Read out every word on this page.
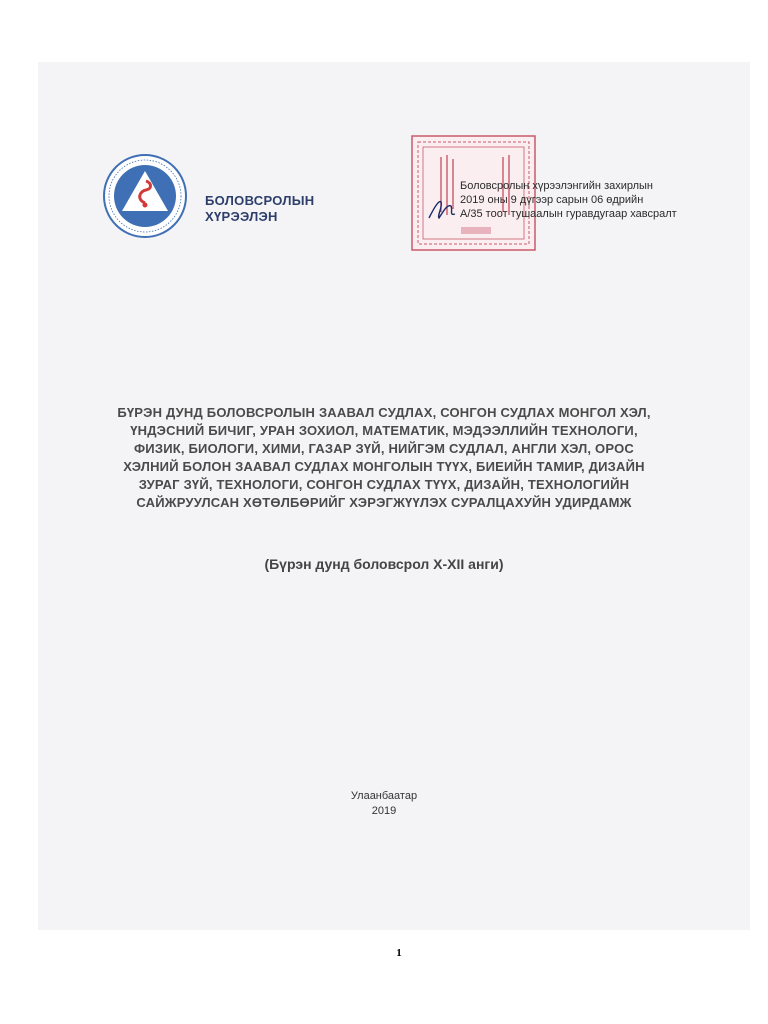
БОЛОВСРОЛЫН
ХҮРЭЭЛЭН
Боловсролын хүрээлэнгийн захирлын
2019 оны 9 дүгээр сарын 06 өдрийн
А/35 тоот тушаалын гуравдугаар хавсралт
БҮРЭН ДУНД БОЛОВСРОЛЫН ЗААВАЛ СУДЛАХ, СОНГОН СУДЛАХ МОНГОЛ ХЭЛ,
ҮНДЭСНИЙ БИЧИГ, УРАН ЗОХИОЛ, МАТЕМАТИК, МЭДЭЭЛЛИЙН ТЕХНОЛОГИ,
ФИЗИК, БИОЛОГИ, ХИМИ, ГАЗАР ЗҮЙ, НИЙГЭМ СУДЛАЛ, АНГЛИ ХЭЛ, ОРОС
ХЭЛНИЙ БОЛОН ЗААВАЛ СУДЛАХ МОНГОЛЫН ТҮҮХ, БИЕИЙН ТАМИР, ДИЗАЙН
ЗУРАГ ЗҮЙ, ТЕХНОЛОГИ, СОНГОН СУДЛАХ ТҮҮХ, ДИЗАЙН, ТЕХНОЛОГИЙН
САЙЖРУУЛСАН ХӨТӨЛБӨРИЙГ ХЭРЭГЖҮҮЛЭХ СУРАЛЦАХУЙН УДИРДАМЖ
(Бүрэн дунд боловсрол X-XII анги)
Улаанбаатар
2019
1
